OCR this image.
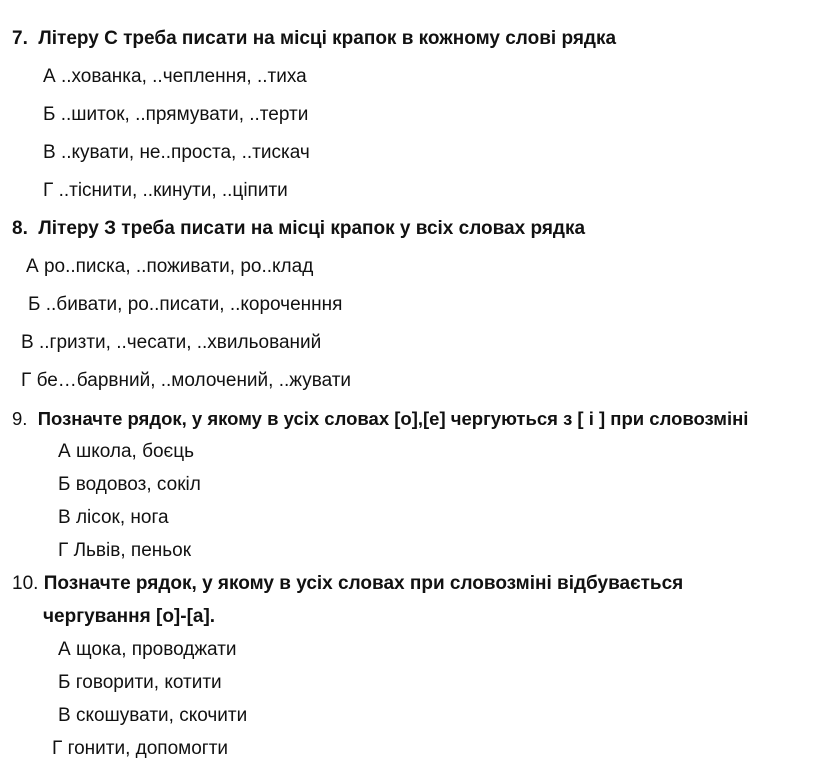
7. Літеру С треба писати на місці крапок в кожному слові рядка
А ..хованка, ..чеплення, ..тиха
Б ..шиток, ..прямувати, ..терти
В ..кувати, не..проста, ..тискач
Г ..тіснити, ..кинути, ..ціпити
8. Літеру З треба писати на місці крапок у всіх словах рядка
А ро..писка, ..поживати, ро..клад
Б ..бивати, ро..писати, ..короченння
В ..гризти, ..чесати, ..хвильований
Г бе…барвний, ..молочений, ..жувати
9. Позначте рядок, у якому в усіх словах [о],[е] чергуються з [ і ] при словозміні
А школа, боєць
Б водовоз, сокіл
В лісок, нога
Г Львів, пеньок
10. Позначте рядок, у якому в усіх словах при словозміні відбувається
чергування [о]-[а].
А щока, проводжати
Б говорити, котити
В скошувати, скочити
Г гонити, допомогти
